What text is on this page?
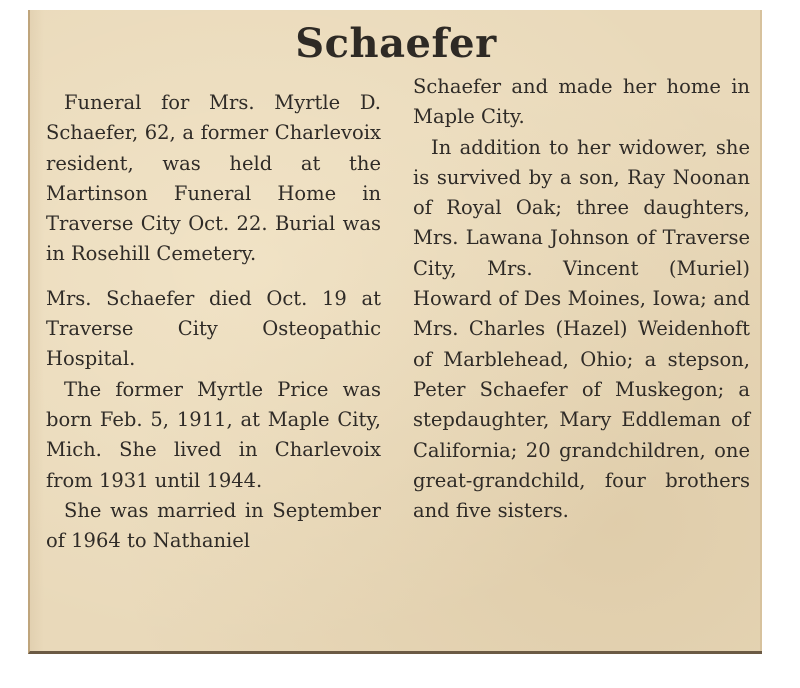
Schaefer

Funeral for Mrs. Myrtle D. Schaefer, 62, a former Charlevoix resident, was held at the Martinson Funeral Home in Traverse City Oct. 22. Burial was in Rosehill Cemetery.

Mrs. Schaefer died Oct. 19 at Traverse City Osteopathic Hospital.

The former Myrtle Price was born Feb. 5, 1911, at Maple City, Mich. She lived in Charlevoix from 1931 until 1944.

She was married in September of 1964 to Nathaniel

Schaefer and made her home in Maple City.

In addition to her widower, she is survived by a son, Ray Noonan of Royal Oak; three daughters, Mrs. Lawana Johnson of Traverse City, Mrs. Vincent (Muriel) Howard of Des Moines, Iowa; and Mrs. Charles (Hazel) Weidenhoft of Marblehead, Ohio; a stepson, Peter Schaefer of Muskegon; a stepdaughter, Mary Eddleman of California; 20 grandchildren, one great-grandchild, four brothers and five sisters.
